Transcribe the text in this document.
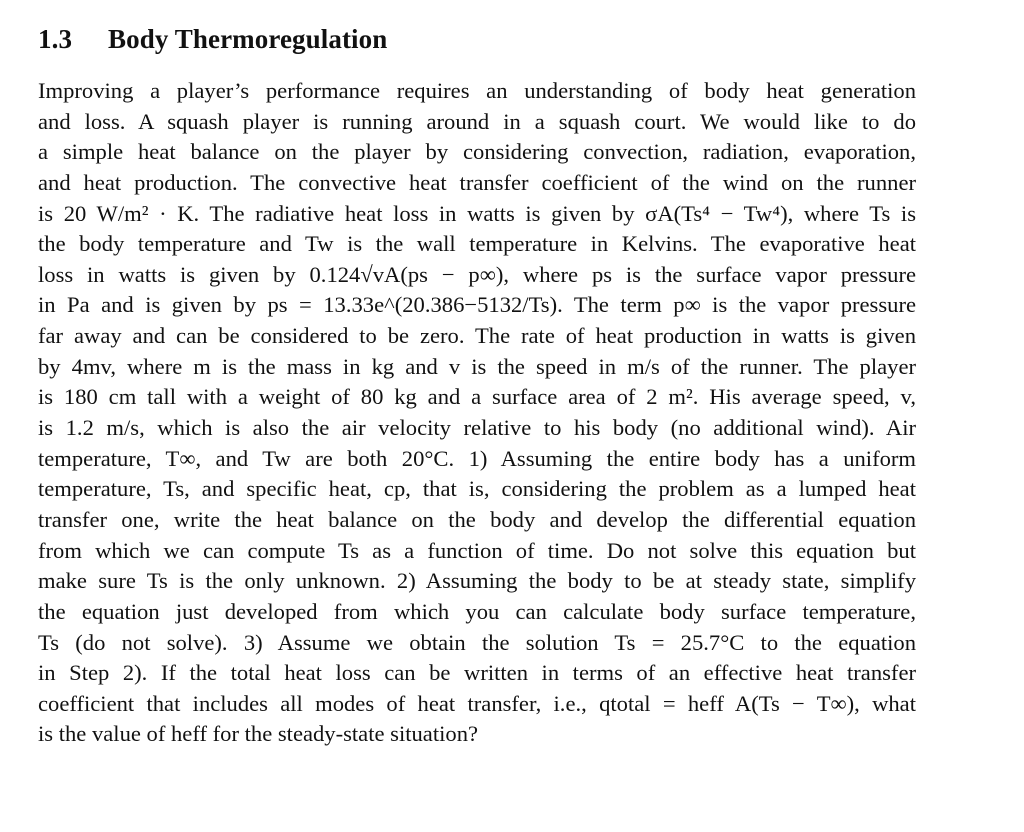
1.3 Body Thermoregulation
Improving a player’s performance requires an understanding of body heat generation
and loss. A squash player is running around in a squash court. We would like to do
a simple heat balance on the player by considering convection, radiation, evaporation,
and heat production. The convective heat transfer coefficient of the wind on the runner
is 20 W/m² · K. The radiative heat loss in watts is given by σA(Ts⁴ − Tw⁴), where Ts is
the body temperature and Tw is the wall temperature in Kelvins. The evaporative heat
loss in watts is given by 0.124√vA(ps − p∞), where ps is the surface vapor pressure
in Pa and is given by ps = 13.33e^(20.386−5132/Ts). The term p∞ is the vapor pressure
far away and can be considered to be zero. The rate of heat production in watts is given
by 4mv, where m is the mass in kg and v is the speed in m/s of the runner. The player
is 180 cm tall with a weight of 80 kg and a surface area of 2 m². His average speed, v,
is 1.2 m/s, which is also the air velocity relative to his body (no additional wind). Air
temperature, T∞, and Tw are both 20°C. 1) Assuming the entire body has a uniform
temperature, Ts, and specific heat, cp, that is, considering the problem as a lumped heat
transfer one, write the heat balance on the body and develop the differential equation
from which we can compute Ts as a function of time. Do not solve this equation but
make sure Ts is the only unknown. 2) Assuming the body to be at steady state, simplify
the equation just developed from which you can calculate body surface temperature,
Ts (do not solve). 3) Assume we obtain the solution Ts = 25.7°C to the equation
in Step 2). If the total heat loss can be written in terms of an effective heat transfer
coefficient that includes all modes of heat transfer, i.e., qtotal = heff A(Ts − T∞), what
is the value of heff for the steady-state situation?
